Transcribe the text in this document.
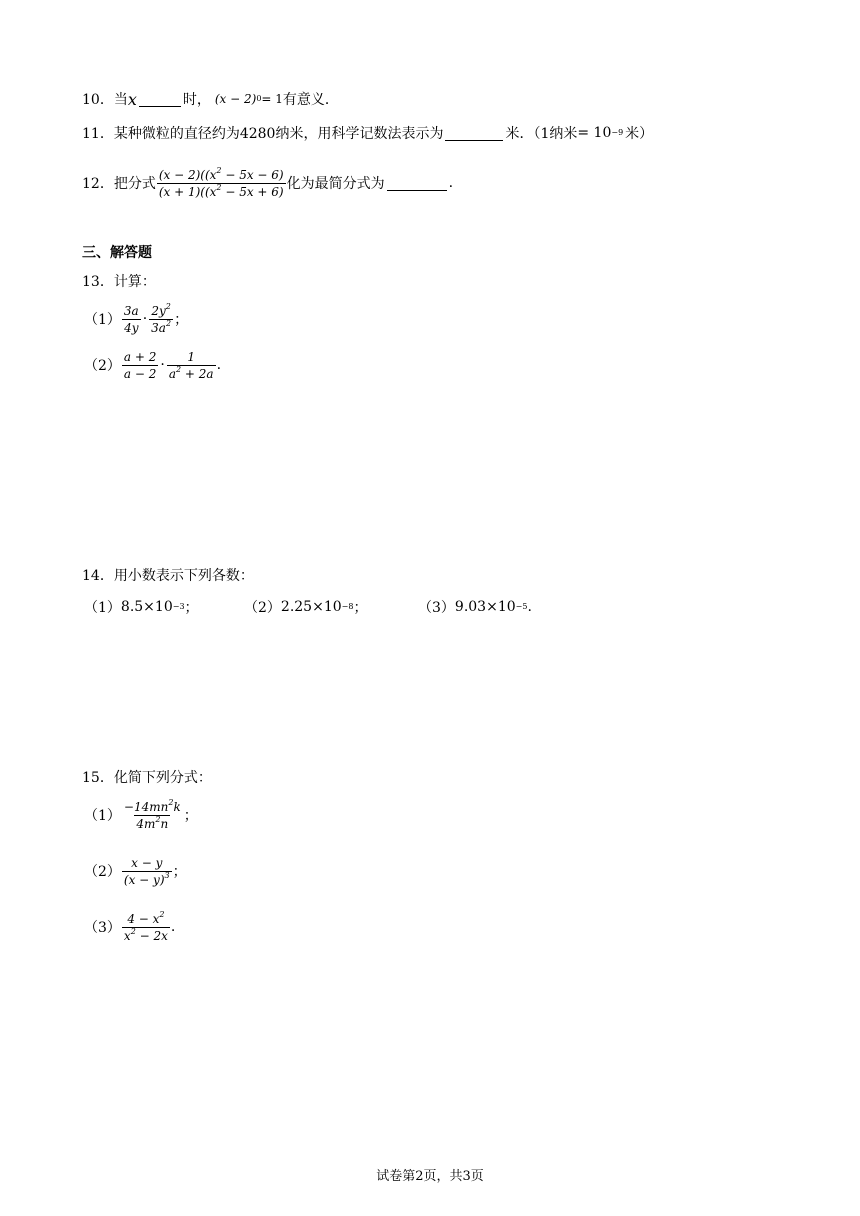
10．当 x	时， (x − 2) 0 = 1 有意义．
11．某种微粒的直径约为4280纳米，用科学记数法表示为	米．（1纳米 = 10 −9 米）
12．把分式 $\frac{(x - 2)((x^2 - 5x - 6)}{(x + 1)((x^2 - 5x + 6)}$ 化为最简分式为	.
三、解答题
13．计算：
$(1) \frac{3a}{4y} \cdot \frac{2y^2}{3a^2}$ ；
$(2) \frac{a + 2}{a - 2} \cdot \frac{1}{a^2 + 2a}$ .
14．用小数表示下列各数：
（1） 8.5×10 −3 ；	（2） 2.25×10 −8 ；	（3） 9.03×10 −5 .
15．化简下列分式：
$(1) \frac{-14mn^2k}{4m^2n}$ ；
$(2) \frac{x - y}{(x - y)^3}$ ；
$(3) \frac{4 - x^2}{x^2 - 2x}$ .
试卷第2页，共3页
